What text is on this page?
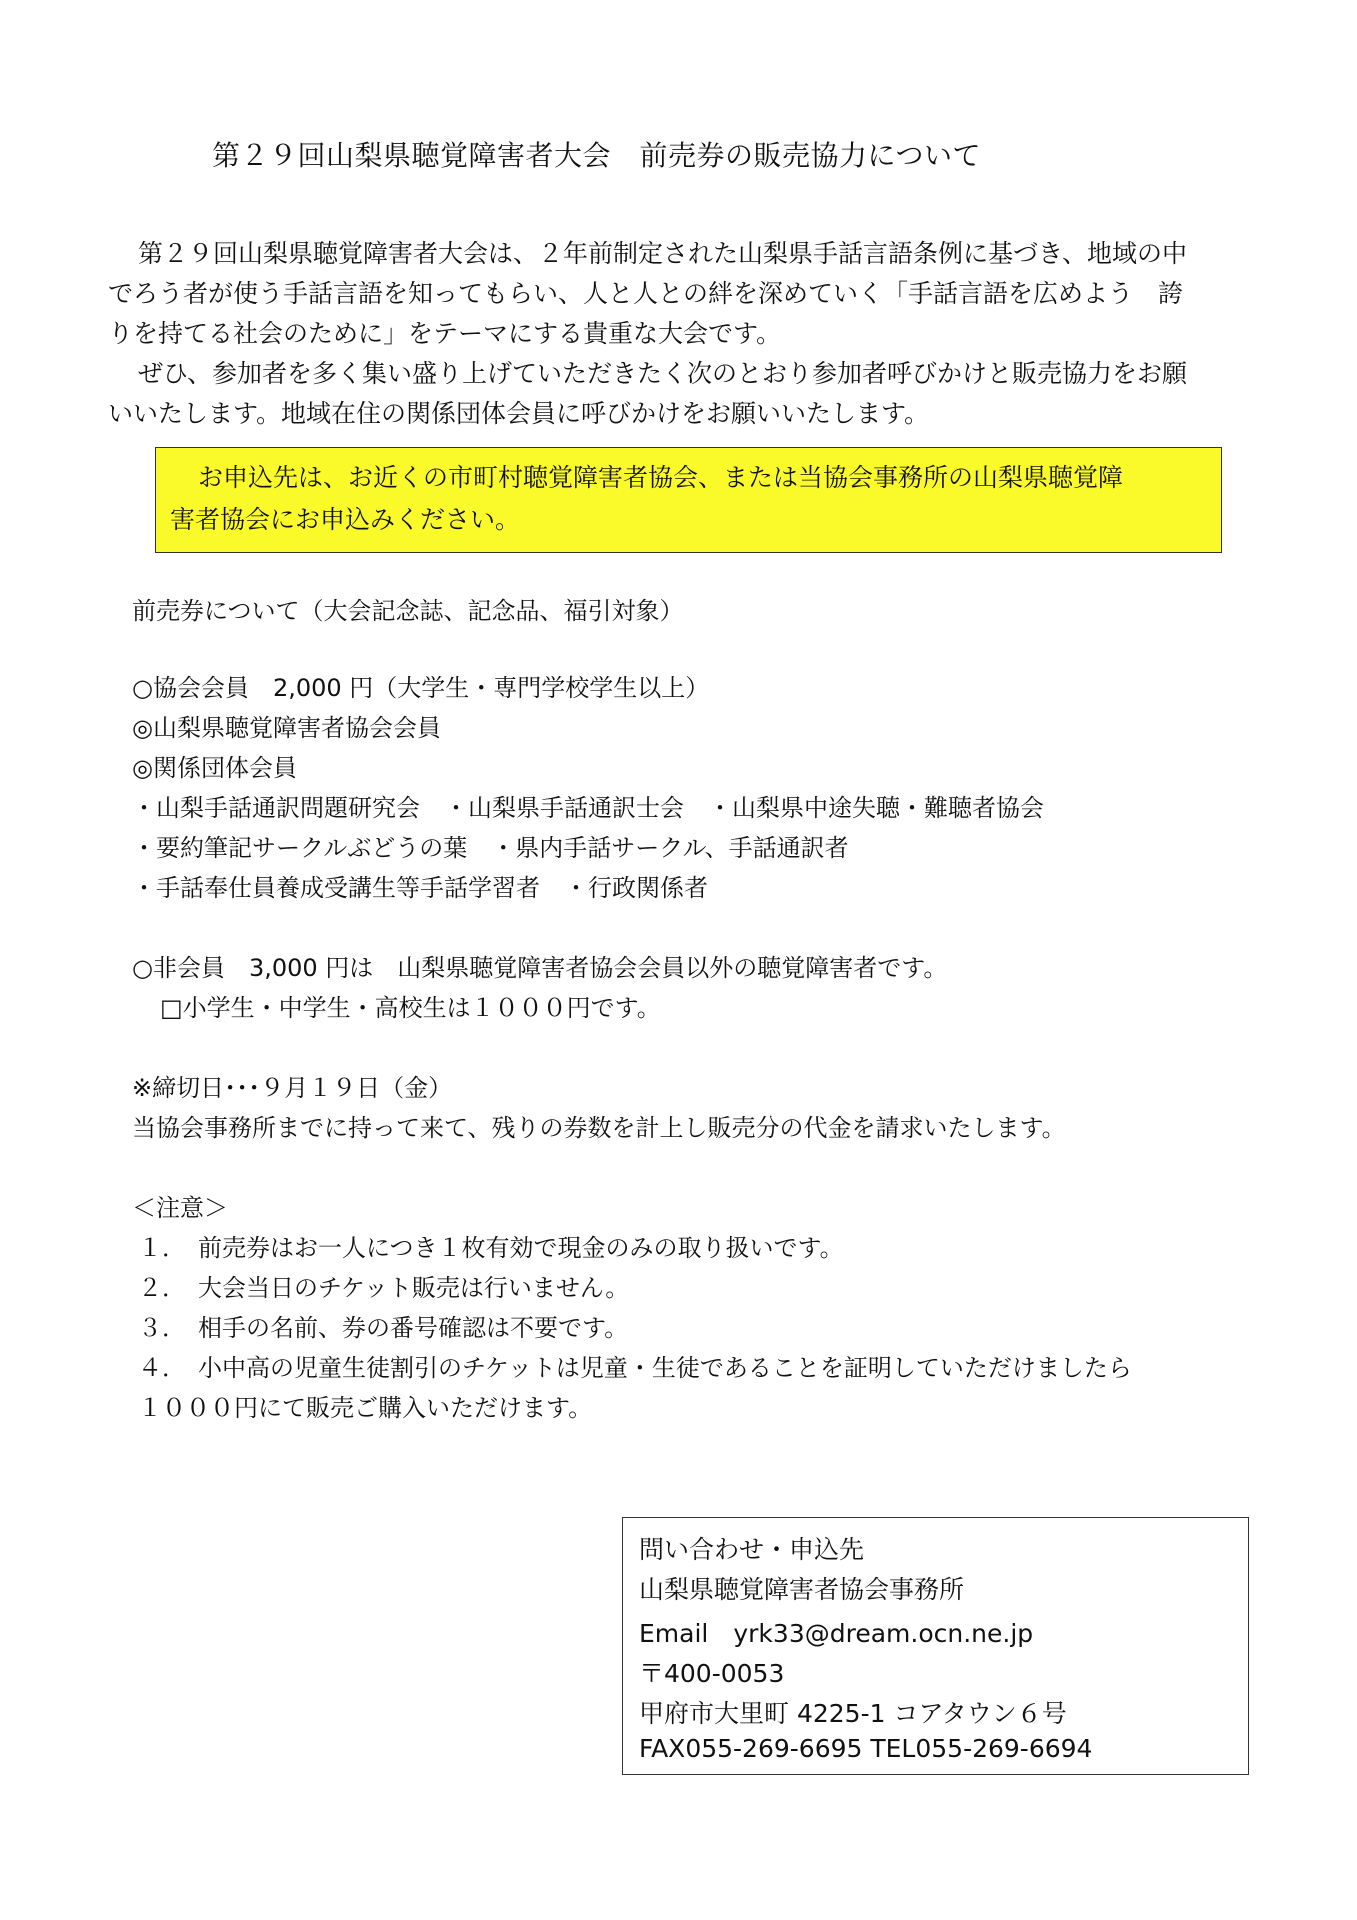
第２９回山梨県聴覚障害者大会　前売券の販売協力について
第２９回山梨県聴覚障害者大会は、２年前制定された山梨県手話言語条例に基づき、地域の中
でろう者が使う手話言語を知ってもらい、人と人との絆を深めていく「手話言語を広めよう　誇
りを持てる社会のために」をテーマにする貴重な大会です。
ぜひ、参加者を多く集い盛り上げていただきたく次のとおり参加者呼びかけと販売協力をお願
いいたします。地域在住の関係団体会員に呼びかけをお願いいたします。
お申込先は、お近くの市町村聴覚障害者協会、または当協会事務所の山梨県聴覚障
害者協会にお申込みください。
前売券について（大会記念誌、記念品、福引対象）
○協会会員　2,000 円（大学生・専門学校学生以上）
◎山梨県聴覚障害者協会会員
◎関係団体会員
・山梨手話通訳問題研究会　・山梨県手話通訳士会　・山梨県中途失聴・難聴者協会
・要約筆記サークルぶどうの葉　・県内手話サークル、手話通訳者
・手話奉仕員養成受講生等手話学習者　・行政関係者
○非会員　3,000 円は　山梨県聴覚障害者協会会員以外の聴覚障害者です。
□小学生・中学生・高校生は１０００円です。
※締切日･･･９月１９日（金）
当協会事務所までに持って来て、残りの券数を計上し販売分の代金を請求いたします。
＜注意＞
１．　前売券はお一人につき１枚有効で現金のみの取り扱いです。
２．　大会当日のチケット販売は行いません。
３．　相手の名前、券の番号確認は不要です。
４．　小中高の児童生徒割引のチケットは児童・生徒であることを証明していただけましたら
１０００円にて販売ご購入いただけます。
問い合わせ・申込先
山梨県聴覚障害者協会事務所
Email　yrk33@dream.ocn.ne.jp
〒400-0053
甲府市大里町 4225-1 コアタウン６号
FAX055-269-6695 TEL055-269-6694
